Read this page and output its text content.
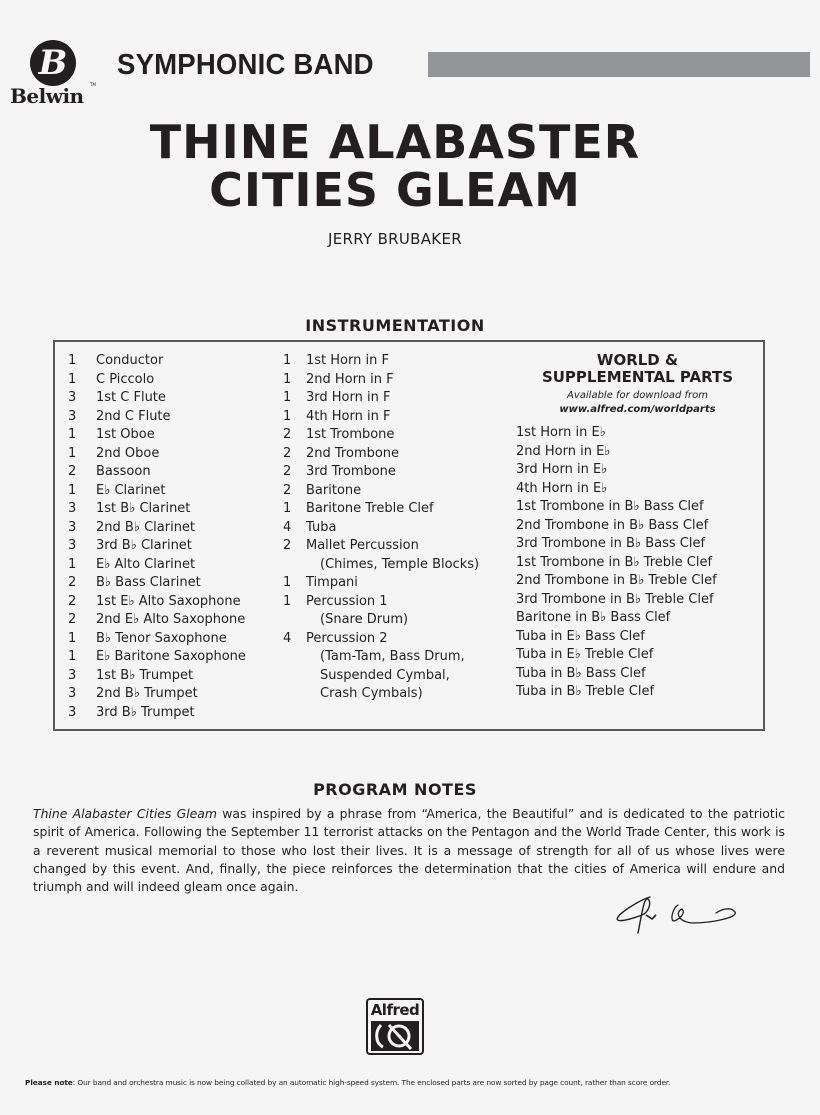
B
TM
Belwin
SYMPHONIC BAND
THINE ALABASTER
CITIES GLEAM
JERRY BRUBAKER
INSTRUMENTATION
1	Conductor
1	C Piccolo
3	1st C Flute
3	2nd C Flute
1	1st Oboe
1	2nd Oboe
2	Bassoon
1	E♭ Clarinet
3	1st B♭ Clarinet
3	2nd B♭ Clarinet
3	3rd B♭ Clarinet
1	E♭ Alto Clarinet
2	B♭ Bass Clarinet
2	1st E♭ Alto Saxophone
2	2nd E♭ Alto Saxophone
1	B♭ Tenor Saxophone
1	E♭ Baritone Saxophone
3	1st B♭ Trumpet
3	2nd B♭ Trumpet
3	3rd B♭ Trumpet
1	1st Horn in F
1	2nd Horn in F
1	3rd Horn in F
1	4th Horn in F
2	1st Trombone
2	2nd Trombone
2	3rd Trombone
2	Baritone
1	Baritone Treble Clef
4	Tuba
2	Mallet Percussion
(Chimes, Temple Blocks)
1	Timpani
1	Percussion 1
(Snare Drum)
4	Percussion 2
(Tam-Tam, Bass Drum,
Suspended Cymbal,
Crash Cymbals)
WORLD &
SUPPLEMENTAL PARTS
Available for download from
www.alfred.com/worldparts
1st Horn in E♭
2nd Horn in E♭
3rd Horn in E♭
4th Horn in E♭
1st Trombone in B♭ Bass Clef
2nd Trombone in B♭ Bass Clef
3rd Trombone in B♭ Bass Clef
1st Trombone in B♭ Treble Clef
2nd Trombone in B♭ Treble Clef
3rd Trombone in B♭ Treble Clef
Baritone in B♭ Bass Clef
Tuba in E♭ Bass Clef
Tuba in E♭ Treble Clef
Tuba in B♭ Bass Clef
Tuba in B♭ Treble Clef
PROGRAM NOTES
Thine Alabaster Cities Gleam was inspired by a phrase from “America, the Beautiful” and is dedicated to the patriotic spirit of America. Following the September 11 terrorist attacks on the Pentagon and the World Trade Center, this work is a reverent musical memorial to those who lost their lives. It is a message of strength for all of us whose lives were changed by this event. And, finally, the piece reinforces the determination that the cities of America will endure and triumph and will indeed gleam once again.
Alfred
Please note: Our band and orchestra music is now being collated by an automatic high-speed system. The enclosed parts are now sorted by page count, rather than score order.
